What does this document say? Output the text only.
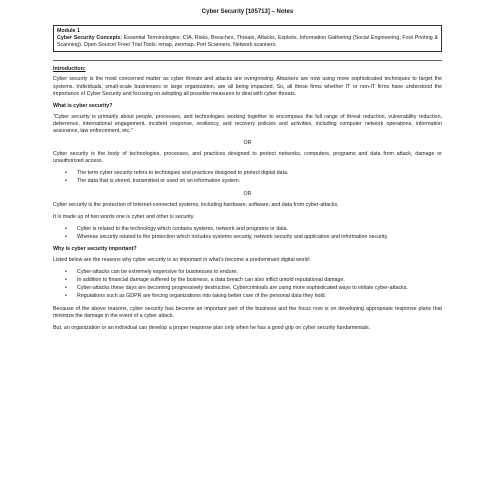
Cyber Security [105713] – Notes
Module 1
Cyber Security Concepts: Essential Terminologies: CIA, Risks, Breaches, Threats, Attacks, Exploits. Information Gathering (Social Engineering, Foot Printing & Scanning). Open Source/ Free/ Trial Tools: nmap, zenmap, Port Scanners, Network scanners.
Introduction:

Cyber security is the most concerned matter as cyber threats and attacks are overgrowing. Attackers are now using more sophisticated techniques to target the systems. Individuals, small-scale businesses or large organization, are all being impacted. So, all these firms whether IT or non-IT firms have understood the importance of Cyber Security and focusing on adopting all possible measures to deal with cyber threats.

What is cyber security?

"Cyber security is primarily about people, processes, and technologies working together to encompass the full range of threat reduction, vulnerability reduction, deterrence, international engagement, incident response, resiliency, and recovery policies and activities, including computer network operations, information assurance, law enforcement, etc."

OR

Cyber security is the body of technologies, processes, and practices designed to protect networks, computers, programs and data from attack, damage or unauthorized access.

• The term cyber security refers to techniques and practices designed to protect digital data.
• The data that is stored, transmitted or used on an information system.
OR

Cyber security is the protection of Internet-connected systems, including hardware, software, and data from cyber-attacks.

It is made up of two words one is cyber and other is security.

• Cyber is related to the technology which contains systems, network and programs or data.
• Whereas security related to the protection which includes systems security, network security and application and information security.
Why is cyber security important?

Listed below are the reasons why cyber security is so important in what’s become a predominant digital world:

• Cyber-attacks can be extremely expensive for businesses to endure.
• In addition to financial damage suffered by the business, a data breach can also inflict untold reputational damage.
• Cyber-attacks these days are becoming progressively destructive. Cybercriminals are using more sophisticated ways to initiate cyber-attacks.
• Regulations such as GDPR are forcing organizations into taking better care of the personal data they hold.

Because of the above reasons, cyber security has become an important part of the business and the focus now is on developing appropriate response plans that minimize the damage in the event of a cyber attack.

But, an organization or an individual can develop a proper response plan only when he has a good grip on cyber security fundamentals.
